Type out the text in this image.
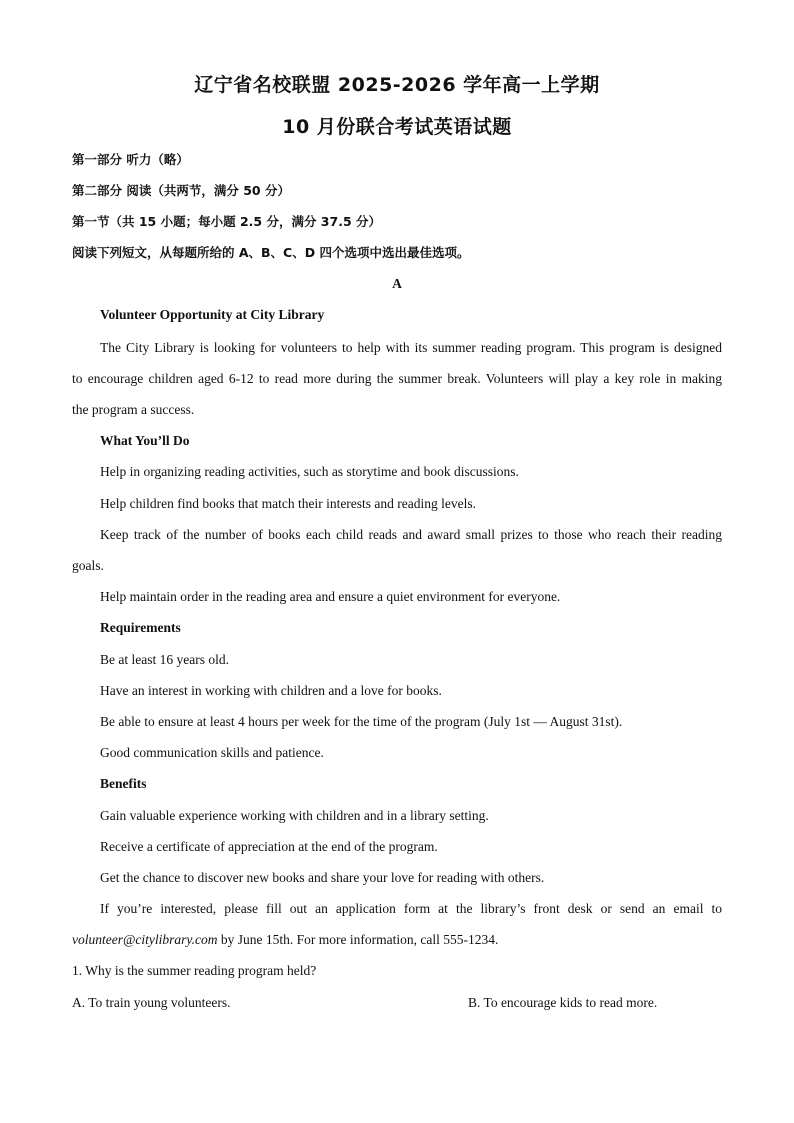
辽宁省名校联盟 2025-2026 学年高一上学期
10 月份联合考试英语试题
第一部分 听力（略）
第二部分 阅读（共两节，满分 50 分）
第一节（共 15 小题；每小题 2.5 分，满分 37.5 分）
阅读下列短文，从每题所给的 A、B、C、D 四个选项中选出最佳选项。
A
Volunteer Opportunity at City Library
The City Library is looking for volunteers to help with its summer reading program. This program is designed
to encourage children aged 6-12 to read more during the summer break. Volunteers will play a key role in making
the program a success.
What You’ll Do
Help in organizing reading activities, such as storytime and book discussions.
Help children find books that match their interests and reading levels.
Keep track of the number of books each child reads and award small prizes to those who reach their reading
goals.
Help maintain order in the reading area and ensure a quiet environment for everyone.
Requirements
Be at least 16 years old.
Have an interest in working with children and a love for books.
Be able to ensure at least 4 hours per week for the time of the program (July 1st — August 31st).
Good communication skills and patience.
Benefits
Gain valuable experience working with children and in a library setting.
Receive a certificate of appreciation at the end of the program.
Get the chance to discover new books and share your love for reading with others.
If you’re interested, please fill out an application form at the library’s front desk or send an email to
volunteer@citylibrary.com by June 15th. For more information, call 555-1234.
1. Why is the summer reading program held?
A. To train young volunteers.	B. To encourage kids to read more.
